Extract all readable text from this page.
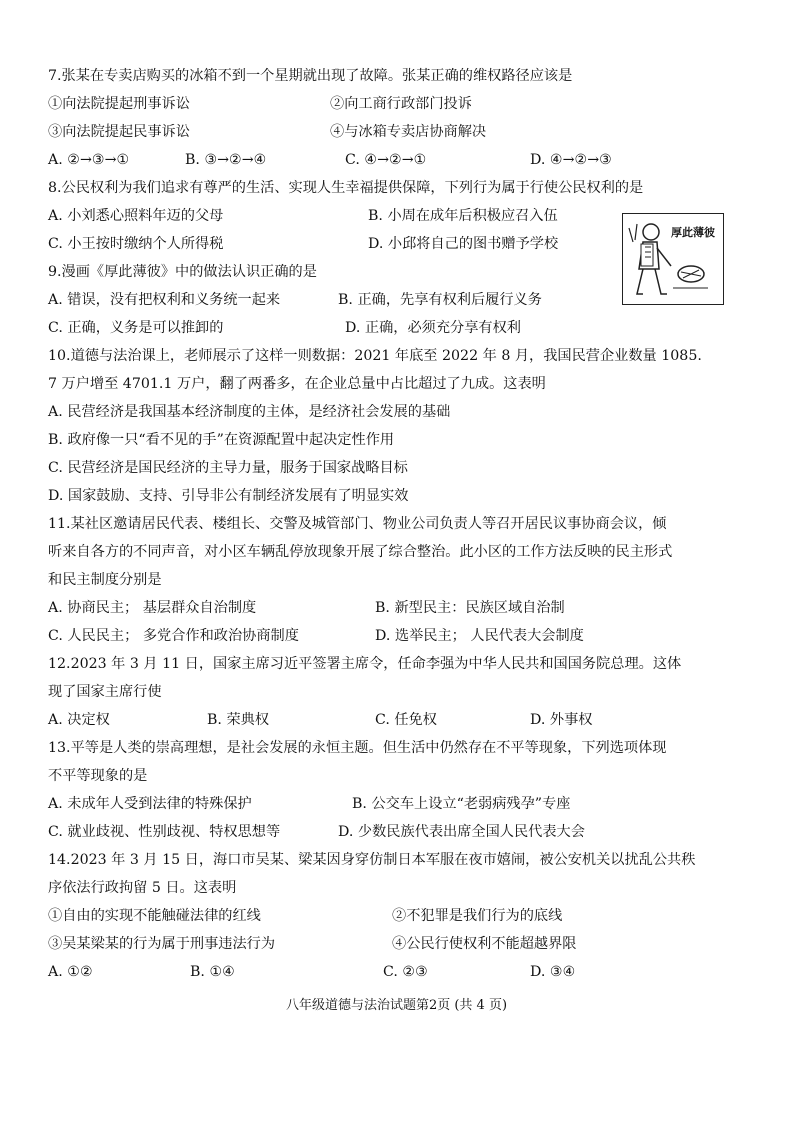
7.张某在专卖店购买的冰箱不到一个星期就出现了故障。张某正确的维权路径应该是
①向法院提起刑事诉讼	②向工商行政部门投诉
③向法院提起民事诉讼	④与冰箱专卖店协商解决
A. ②→③→①	B. ③→②→④	C. ④→②→①	D. ④→②→③
8.公民权利为我们追求有尊严的生活、实现人生幸福提供保障，下列行为属于行使公民权利的是
A. 小刘悉心照料年迈的父母	B. 小周在成年后积极应召入伍
C. 小王按时缴纳个人所得税	D. 小邱将自己的图书赠予学校
厚此薄彼
9.漫画《厚此薄彼》中的做法认识正确的是
A. 错误，没有把权利和义务统一起来	B. 正确，先享有权利后履行义务
C. 正确，义务是可以推卸的	D. 正确，必须充分享有权利
10.道德与法治课上，老师展示了这样一则数据：2021 年底至 2022 年 8 月，我国民营企业数量 1085.
7 万户增至 4701.1 万户，翻了两番多，在企业总量中占比超过了九成。这表明
A. 民营经济是我国基本经济制度的主体，是经济社会发展的基础
B. 政府像一只“看不见的手”在资源配置中起决定性作用
C. 民营经济是国民经济的主导力量，服务于国家战略目标
D. 国家鼓励、支持、引导非公有制经济发展有了明显实效
11.某社区邀请居民代表、楼组长、交警及城管部门、物业公司负责人等召开居民议事协商会议，倾
听来自各方的不同声音，对小区车辆乱停放现象开展了综合整治。此小区的工作方法反映的民主形式
和民主制度分别是
A. 协商民主； 基层群众自治制度	B. 新型民主：民族区域自治制
C. 人民民主； 多党合作和政治协商制度	D. 选举民主； 人民代表大会制度
12.2023 年 3 月 11 日，国家主席习近平签署主席令，任命李强为中华人民共和国国务院总理。这体
现了国家主席行使
A. 决定权	B. 荣典权	C. 任免权	D. 外事权
13.平等是人类的崇高理想，是社会发展的永恒主题。但生活中仍然存在不平等现象，下列选项体现
不平等现象的是
A. 未成年人受到法律的特殊保护	B. 公交车上设立“老弱病残孕”专座
C. 就业歧视、性别歧视、特权思想等	D. 少数民族代表出席全国人民代表大会
14.2023 年 3 月 15 日，海口市吴某、梁某因身穿仿制日本军服在夜市嬉闹，被公安机关以扰乱公共秩
序依法行政拘留 5 日。这表明
①自由的实现不能触碰法律的红线	②不犯罪是我们行为的底线
③吴某梁某的行为属于刑事违法行为	④公民行使权利不能超越界限
A. ①②	B. ①④	C. ②③	D. ③④
八年级道德与法治试题第2页 (共 4 页)
